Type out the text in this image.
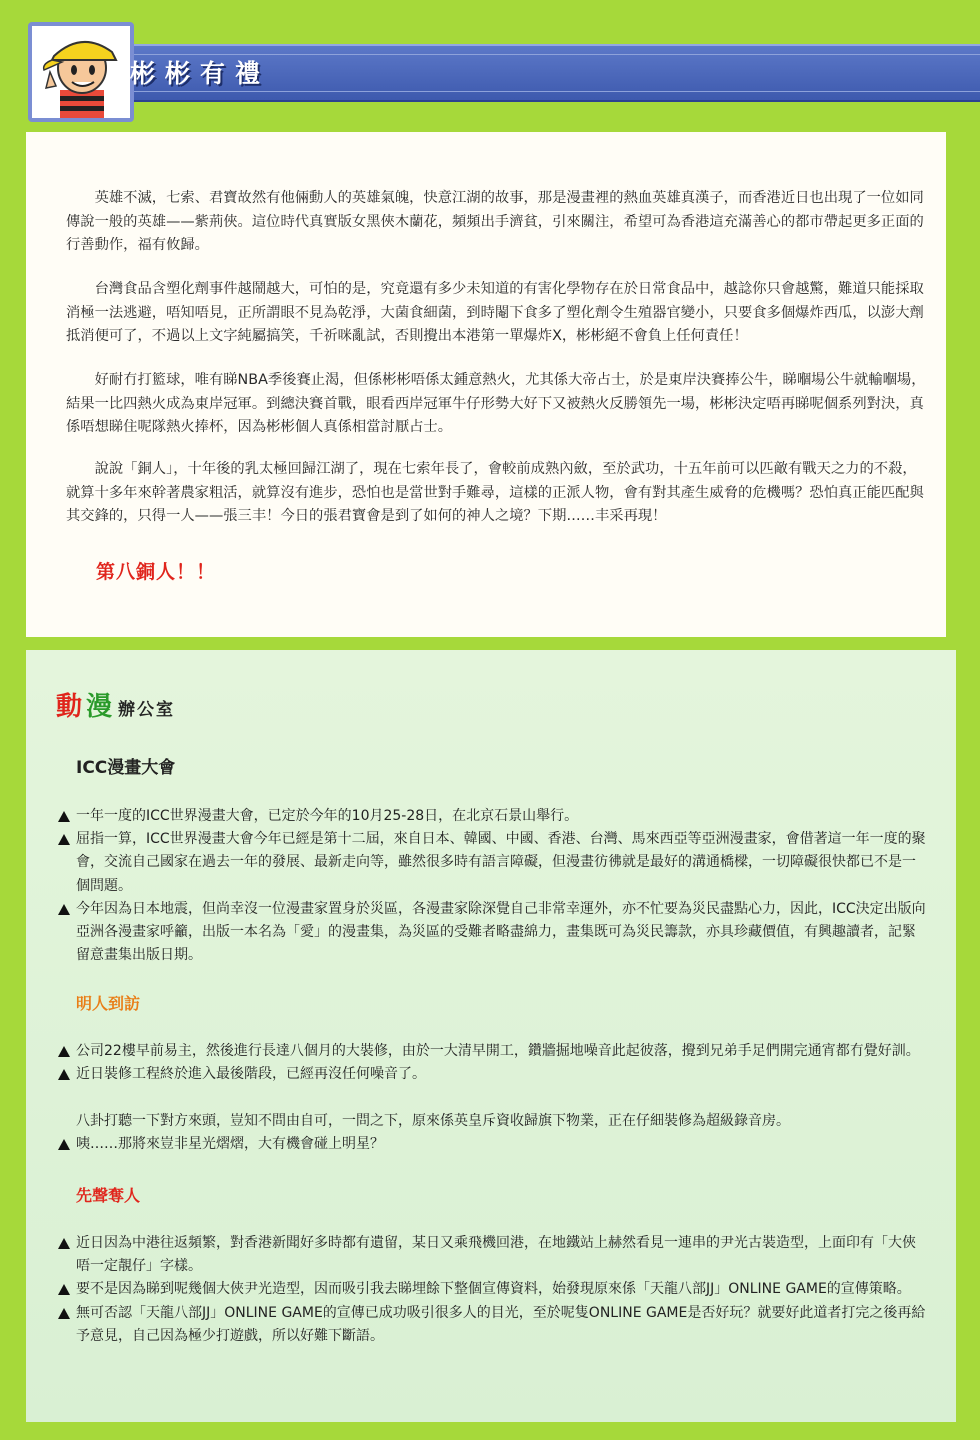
彬彬有禮

英雄不滅，七索、君寶故然有他倆動人的英雄氣魄，快意江湖的故事，那是漫畫裡的熱血英雄真漢子，而香港近日也出現了一位如同傳說一般的英雄——紫荊俠。這位時代真實版女黑俠木蘭花，頻頻出手濟貧，引來關注，希望可為香港這充滿善心的都市帶起更多正面的行善動作，福有攸歸。

台灣食品含塑化劑事件越鬧越大，可怕的是，究竟還有多少未知道的有害化學物存在於日常食品中，越諗你只會越驚，難道只能採取消極一法逃避，唔知唔見，正所謂眼不見為乾淨，大菌食細菌，到時閹下食多了塑化劑令生殖器官變小，只要食多個爆炸西瓜，以澎大劑抵消便可了，不過以上文字純屬搞笑，千祈咪亂試，否則攪出本港第一單爆炸X，彬彬絕不會負上任何責任！

好耐冇打籃球，唯有睇NBA季後賽止渴，但係彬彬唔係太鍾意熱火，尤其係大帝占士，於是東岸決賽捧公牛，睇嗰場公牛就輸嗰場，結果一比四熱火成為東岸冠軍。到總決賽首戰，眼看西岸冠軍牛仔形勢大好下又被熱火反勝領先一場，彬彬決定唔再睇呢個系列對決，真係唔想睇住呢隊熱火捧杯，因為彬彬個人真係相當討厭占士。

說說「銅人」，十年後的乳太極回歸江湖了，現在七索年長了，會較前成熟內斂，至於武功，十五年前可以匹敵有戰天之力的不殺，就算十多年來幹著農家粗活，就算沒有進步，恐怕也是當世對手難尋，這樣的正派人物，會有對其產生威脅的危機嗎？恐怕真正能匹配與其交鋒的，只得一人——張三丰！今日的張君寶會是到了如何的神人之境？下期……丰采再現！

第八銅人！！
動 漫 辦公室
ICC漫畫大會
一年一度的ICC世界漫畫大會，已定於今年的10月25-28日，在北京石景山舉行。
屈指一算，ICC世界漫畫大會今年已經是第十二屆，來自日本、韓國、中國、香港、台灣、馬來西亞等亞洲漫畫家，會借著這一年一度的聚會，交流自己國家在過去一年的發展、最新走向等，雖然很多時有語言障礙，但漫畫彷彿就是最好的溝通橋樑，一切障礙很快都已不是一個問題。
今年因為日本地震，但尚幸沒一位漫畫家置身於災區，各漫畫家除深覺自己非常幸運外，亦不忙要為災民盡點心力，因此，ICC決定出版向亞洲各漫畫家呼籲，出版一本名為「愛」的漫畫集，為災區的受難者略盡綿力，畫集既可為災民籌款，亦具珍藏價值，有興趣讀者，記緊留意畫集出版日期。
明人到訪
公司22樓早前易主，然後進行長達八個月的大裝修，由於一大清早開工，鑽牆掘地噪音此起彼落，攪到兄弟手足們開完通宵都冇覺好訓。
近日裝修工程終於進入最後階段，已經再沒任何噪音了。
八卦打聽一下對方來頭，豈知不問由自可，一問之下，原來係英皇斥資收歸旗下物業，正在仔細裝修為超級錄音房。
咦……那將來豈非星光熠熠，大有機會碰上明星？
先聲奪人
近日因為中港往返頻繁，對香港新聞好多時都有遺留，某日又乘飛機回港，在地鐵站上赫然看見一連串的尹光古裝造型，上面印有「大俠唔一定靚仔」字樣。
要不是因為睇到呢幾個大俠尹光造型，因而吸引我去睇埋餘下整個宣傳資料，始發現原來係「天龍八部JJ」ONLINE GAME的宣傳策略。
無可否認「天龍八部JJ」ONLINE GAME的宣傳已成功吸引很多人的目光，至於呢隻ONLINE GAME是否好玩？就要好此道者打完之後再給予意見，自己因為極少打遊戲，所以好難下斷語。
